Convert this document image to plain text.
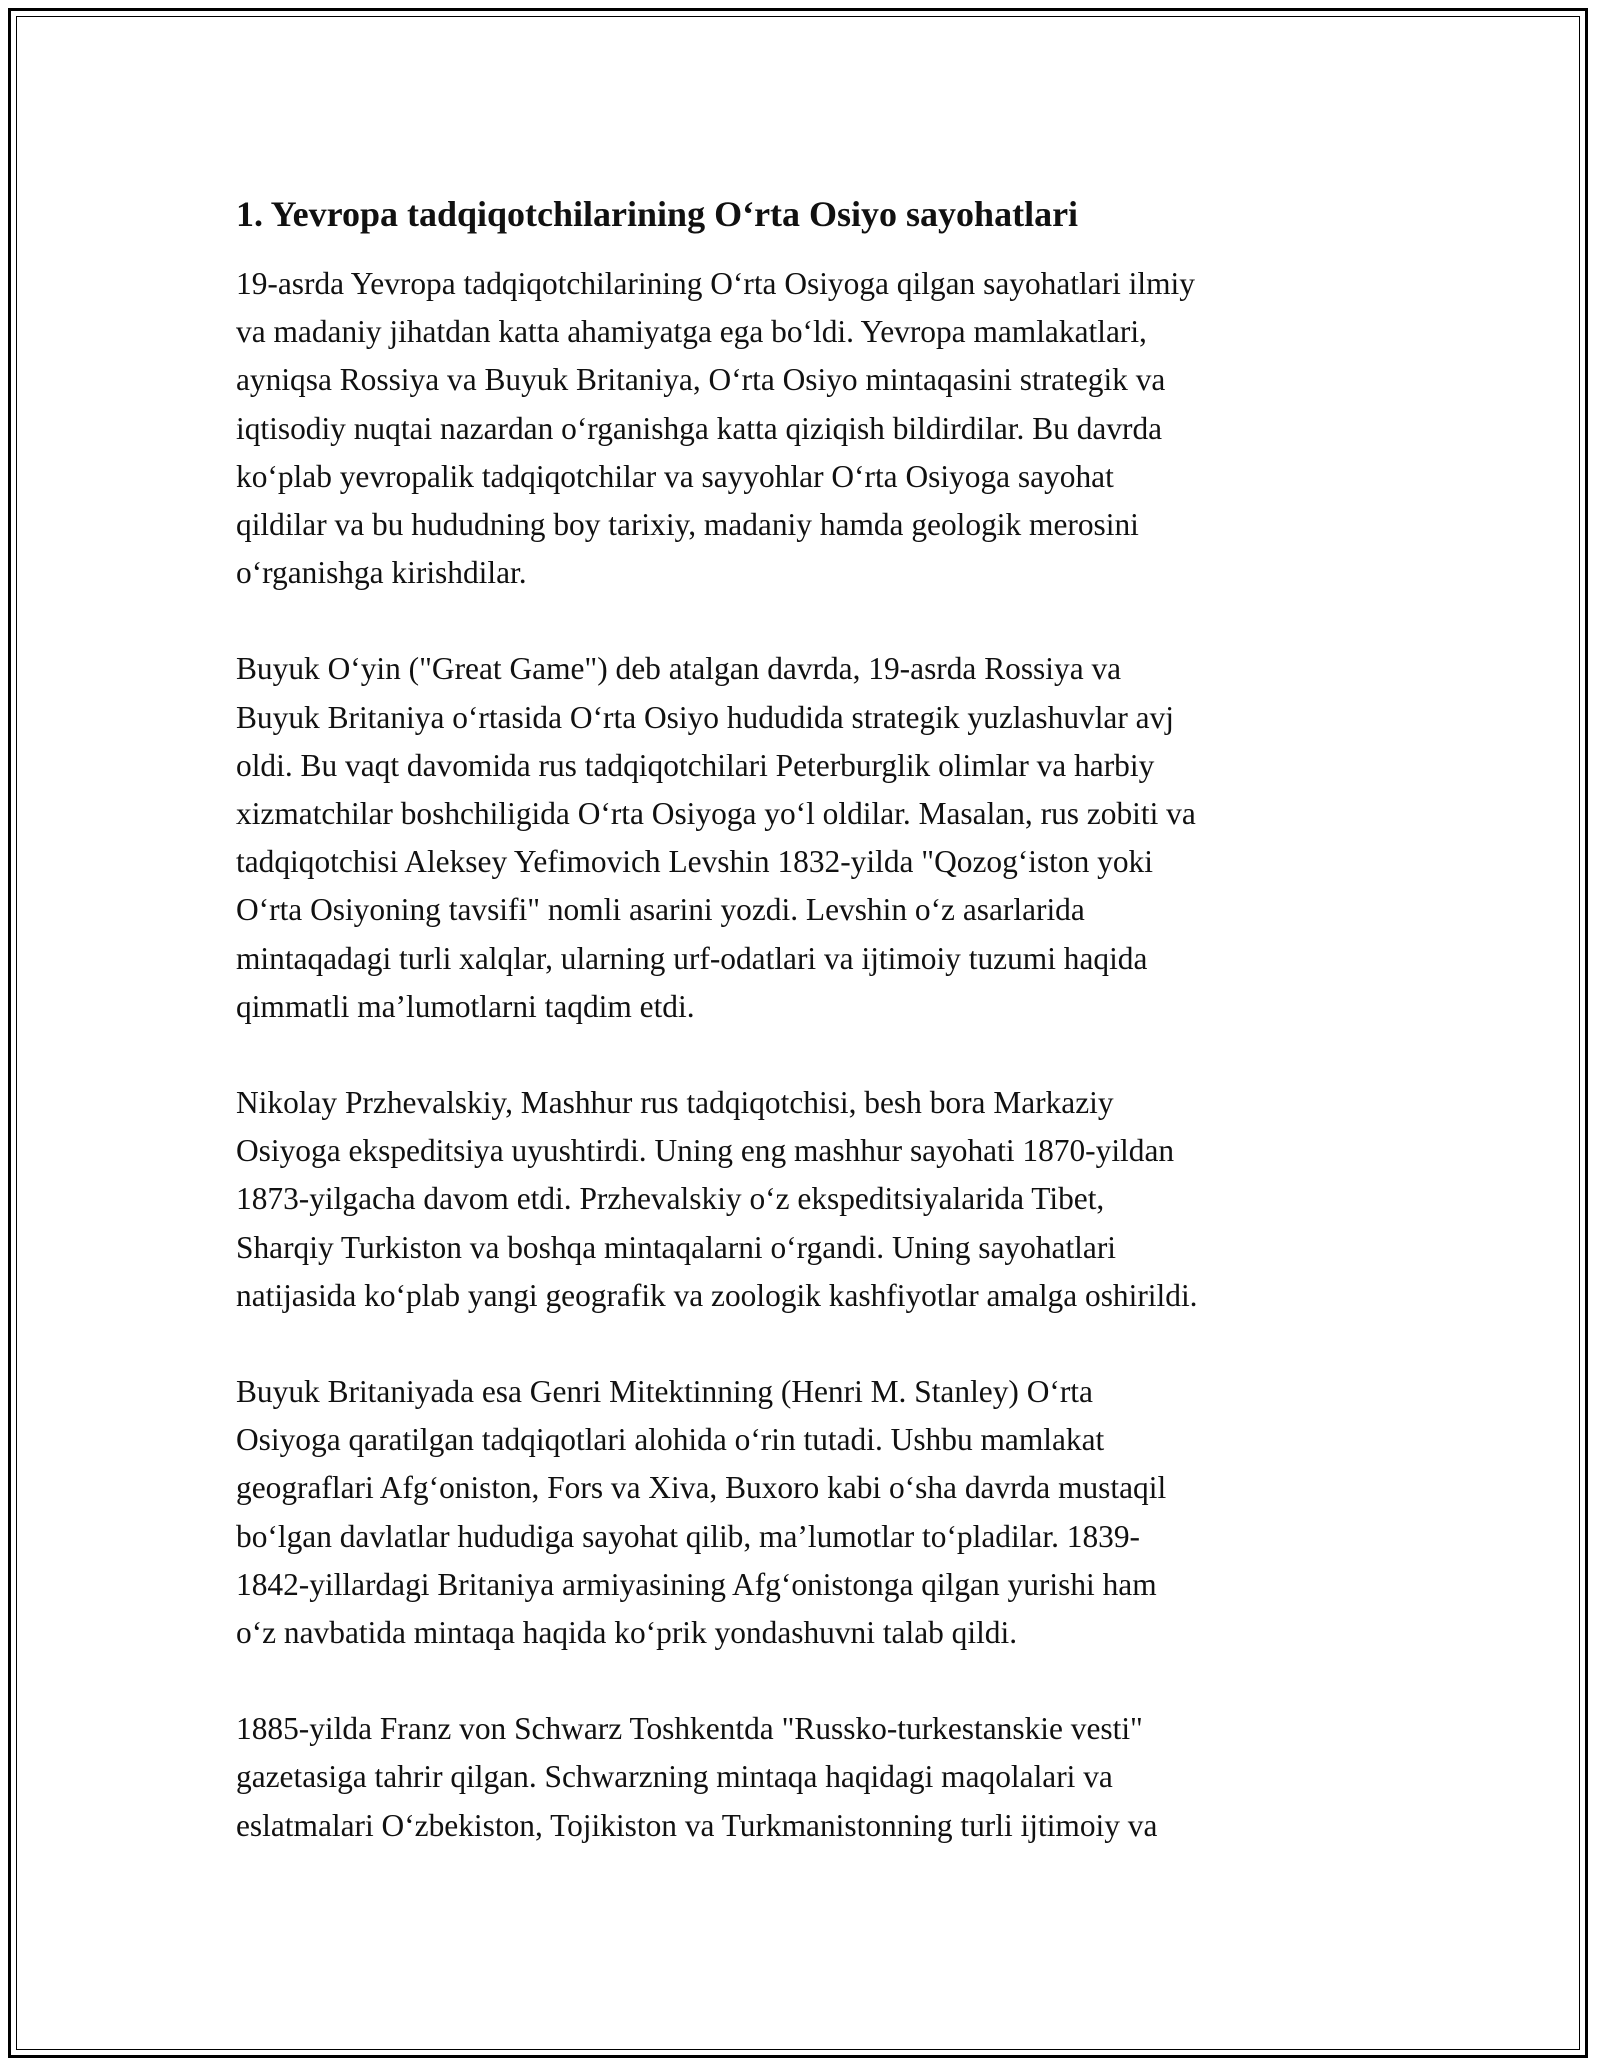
1. Yevropa tadqiqotchilarining O‘rta Osiyo sayohatlari

19-asrda Yevropa tadqiqotchilarining O‘rta Osiyoga qilgan sayohatlari ilmiy
va madaniy jihatdan katta ahamiyatga ega bo‘ldi. Yevropa mamlakatlari,
ayniqsa Rossiya va Buyuk Britaniya, O‘rta Osiyo mintaqasini strategik va
iqtisodiy nuqtai nazardan o‘rganishga katta qiziqish bildirdilar. Bu davrda
ko‘plab yevropalik tadqiqotchilar va sayyohlar O‘rta Osiyoga sayohat
qildilar va bu hududning boy tarixiy, madaniy hamda geologik merosini
o‘rganishga kirishdilar.

Buyuk O‘yin ("Great Game") deb atalgan davrda, 19-asrda Rossiya va
Buyuk Britaniya o‘rtasida O‘rta Osiyo hududida strategik yuzlashuvlar avj
oldi. Bu vaqt davomida rus tadqiqotchilari Peterburglik olimlar va harbiy
xizmatchilar boshchiligida O‘rta Osiyoga yo‘l oldilar. Masalan, rus zobiti va
tadqiqotchisi Aleksey Yefimovich Levshin 1832-yilda "Qozog‘iston yoki
O‘rta Osiyoning tavsifi" nomli asarini yozdi. Levshin o‘z asarlarida
mintaqadagi turli xalqlar, ularning urf-odatlari va ijtimoiy tuzumi haqida
qimmatli ma’lumotlarni taqdim etdi.

Nikolay Przhevalskiy, Mashhur rus tadqiqotchisi, besh bora Markaziy
Osiyoga ekspeditsiya uyushtirdi. Uning eng mashhur sayohati 1870-yildan
1873-yilgacha davom etdi. Przhevalskiy o‘z ekspeditsiyalarida Tibet,
Sharqiy Turkiston va boshqa mintaqalarni o‘rgandi. Uning sayohatlari
natijasida ko‘plab yangi geografik va zoologik kashfiyotlar amalga oshirildi.

Buyuk Britaniyada esa Genri Mitektinning (Henri M. Stanley) O‘rta
Osiyoga qaratilgan tadqiqotlari alohida o‘rin tutadi. Ushbu mamlakat
geograflari Afg‘oniston, Fors va Xiva, Buxoro kabi o‘sha davrda mustaqil
bo‘lgan davlatlar hududiga sayohat qilib, ma’lumotlar to‘pladilar. 1839-
1842-yillardagi Britaniya armiyasining Afg‘onistonga qilgan yurishi ham
o‘z navbatida mintaqa haqida ko‘prik yondashuvni talab qildi.

1885-yilda Franz von Schwarz Toshkentda "Russko-turkestanskie vesti"
gazetasiga tahrir qilgan. Schwarzning mintaqa haqidagi maqolalari va
eslatmalari O‘zbekiston, Tojikiston va Turkmanistonning turli ijtimoiy va
